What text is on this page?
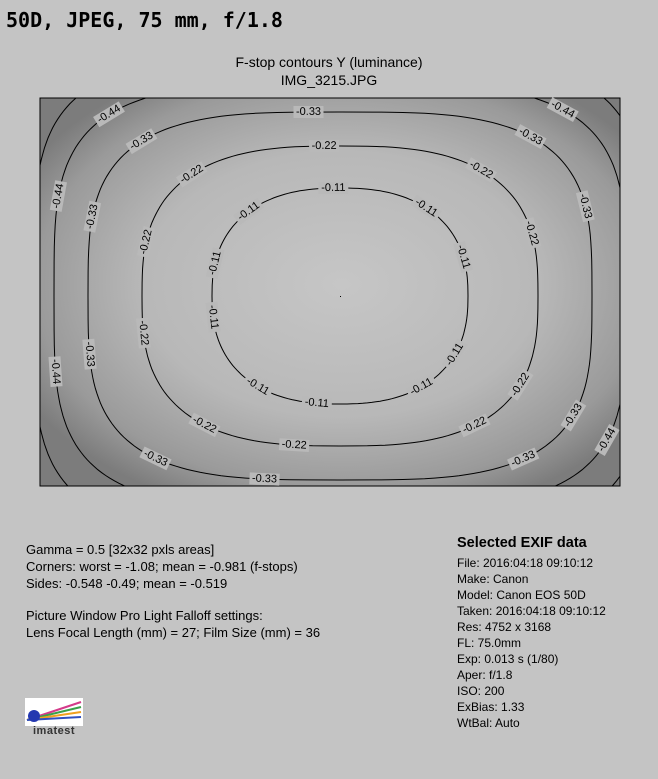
50D, JPEG, 75 mm, f/1.8
F-stop contours Y (luminance)
IMG_3215.JPG
-0.11
-0.11
-0.11
-0.11
-0.11
-0.11
-0.11
-0.11
-0.11
-0.11
-0.22
-0.22
-0.22
-0.22
-0.22
-0.22
-0.22
-0.22
-0.22
-0.22
-0.33
-0.33
-0.33
-0.33
-0.33
-0.33
-0.33
-0.33
-0.33
-0.33
-0.44
-0.44
-0.44
-0.44
-0.44
Gamma = 0.5 [32x32 pxls areas]
Corners: worst = -1.08; mean = -0.981 (f-stops)
Sides: -0.548 -0.49; mean = -0.519
Picture Window Pro Light Falloff settings:
Lens Focal Length (mm) = 27; Film Size (mm) = 36
Selected EXIF data
File: 2016:04:18 09:10:12
Make: Canon
Model: Canon EOS 50D
Taken: 2016:04:18 09:10:12
Res: 4752 x 3168
FL: 75.0mm
Exp: 0.013 s (1/80)
Aper: f/1.8
ISO: 200
ExBias: 1.33
WtBal: Auto
imatest
